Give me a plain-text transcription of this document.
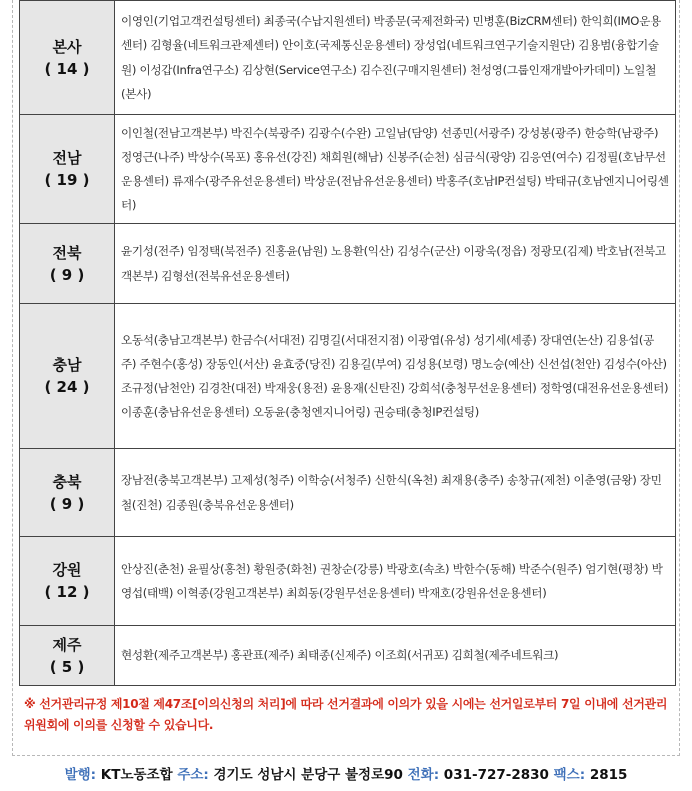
본사
( 14 )	이영인(기업고객컨설팅센터) 최종국(수납지원센터) 박종문(국제전화국) 민병훈(BizCRM센터) 한익희(IMO운용센터) 김형율(네트워크관제센터) 안이호(국제통신운용센터) 장성업(네트워크연구기술지원단) 김용범(융합기술원) 이성갑(Infra연구소) 김상현(Service연구소) 김수진(구매지원센터) 천성영(그룹인재개발아카데미) 노일철(본사)

전남
( 19 )	이인철(전남고객본부) 박진수(북광주) 김광수(수완) 고일남(담양) 선종민(서광주) 강성봉(광주) 한승학(남광주) 정영근(나주) 박상수(목포) 홍유선(강진) 채희원(해남) 신봉주(순천) 심금식(광양) 김응연(여수) 김정필(호남무선운용센터) 류재수(광주유선운용센터) 박상운(전남유선운용센터) 박홍주(호남IP컨설팅) 박태규(호남엔지니어링센터)

전북
( 9 )	윤기성(전주) 임정택(북전주) 진홍윤(남원) 노용환(익산) 김성수(군산) 이광욱(정읍) 정광모(김제) 박호남(전북고객본부) 김형선(전북유선운용센터)

충남
( 24 )	오동석(충남고객본부) 한금수(서대전) 김명길(서대전지점) 이광엽(유성) 성기세(세종) 장대연(논산) 김용섭(공주) 주현수(홍성) 장동인(서산) 윤효중(당진) 김용길(부여) 김성용(보령) 명노승(예산) 신선섭(천안) 김성수(아산) 조규정(남천안) 김경찬(대전) 박재웅(용전) 윤용재(신탄진) 강희석(충청무선운용센터) 정학영(대전유선운용센터) 이종훈(충남유선운용센터) 오동윤(충청엔지니어링) 권승태(충청IP컨설팅)

충북
( 9 )	장남전(충북고객본부) 고제성(청주) 이학승(서청주) 신한식(옥천) 최재용(충주) 송창규(제천) 이춘영(금왕) 장민철(진천) 김종원(충북유선운용센터)

강원
( 12 )	안상진(춘천) 윤필상(홍천) 황원중(화천) 권창순(강릉) 박광호(속초) 박한수(동해) 박준수(원주) 엄기현(평창) 박영섭(태백) 이혁종(강원고객본부) 최희동(강원무선운용센터) 박재호(강원유선운용센터)

제주
( 5 )	현성환(제주고객본부) 홍관표(제주) 최태종(신제주) 이조희(서귀포) 김희철(제주네트워크)
※ 선거관리규정 제10절 제47조[이의신청의 처리]에 따라 선거결과에 이의가 있을 시에는 선거일로부터 7일 이내에 선거관리위원회에 이의를 신청할 수 있습니다.
발행: KT노동조합 주소: 경기도 성남시 분당구 불정로90 전화: 031-727-2830 팩스: 2815
